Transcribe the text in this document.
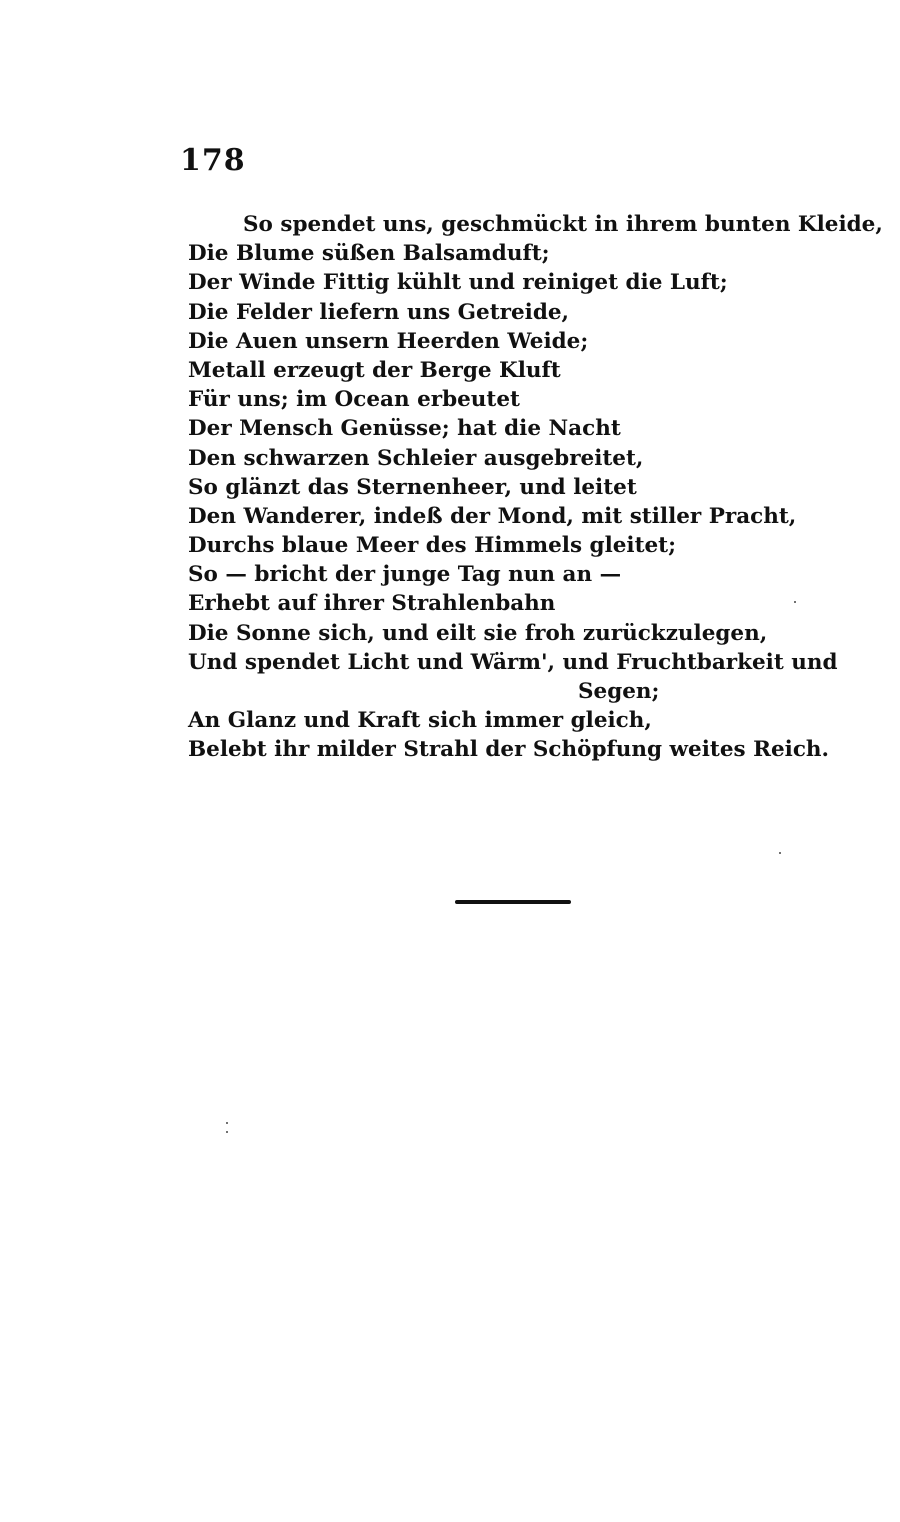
178
So spendet uns, geschmückt in ihrem bunten Kleide,
Die Blume süßen Balsamduft;
Der Winde Fittig kühlt und reiniget die Luft;
Die Felder liefern uns Getreide,
Die Auen unsern Heerden Weide;
Metall erzeugt der Berge Kluft
Für uns; im Ocean erbeutet
Der Mensch Genüsse; hat die Nacht
Den schwarzen Schleier ausgebreitet,
So glänzt das Sternenheer, und leitet
Den Wanderer, indeß der Mond, mit stiller Pracht,
Durchs blaue Meer des Himmels gleitet;
So — bricht der junge Tag nun an —
Erhebt auf ihrer Strahlenbahn
Die Sonne sich, und eilt sie froh zurückzulegen,
Und spendet Licht und Wärm', und Fruchtbarkeit und
Segen;
An Glanz und Kraft sich immer gleich,
Belebt ihr milder Strahl der Schöpfung weites Reich.
